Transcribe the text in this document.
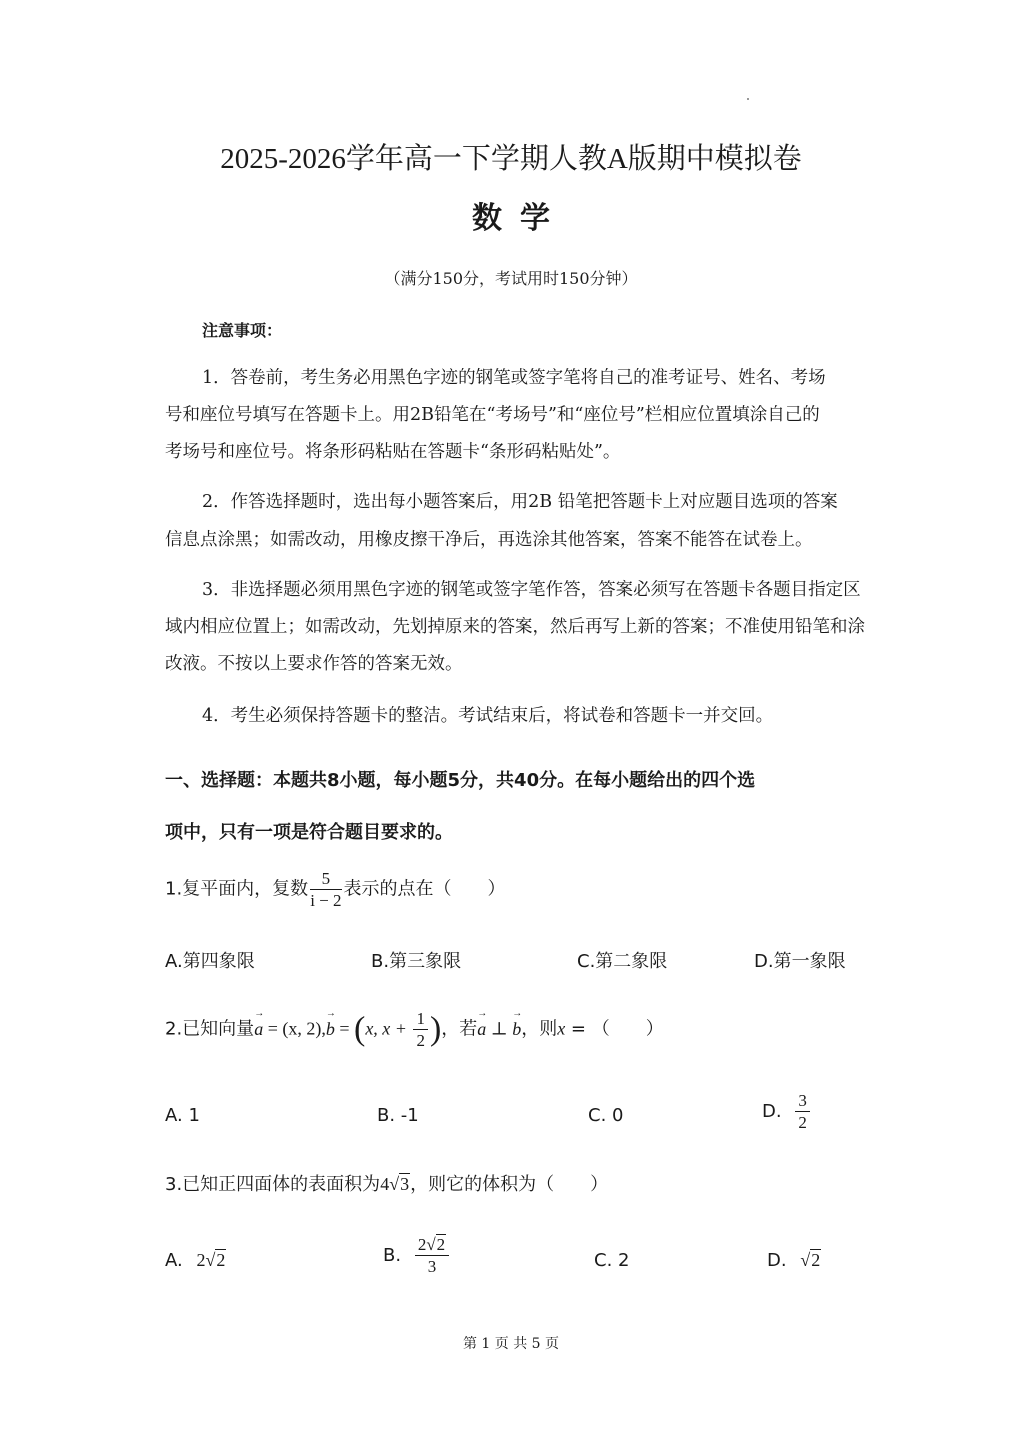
2025-2026学年高一下学期人教A版期中模拟卷
数学
（满分150分，考试用时150分钟）
注意事项：
1．答卷前，考生务必用黑色字迹的钢笔或签字笔将自己的准考证号、姓名、考场
号和座位号填写在答题卡上。用2B铅笔在“考场号”和“座位号”栏相应位置填涂自己的
考场号和座位号。将条形码粘贴在答题卡“条形码粘贴处”。
2．作答选择题时，选出每小题答案后，用2B 铅笔把答题卡上对应题目选项的答案
信息点涂黑；如需改动，用橡皮擦干净后，再选涂其他答案，答案不能答在试卷上。
3．非选择题必须用黑色字迹的钢笔或签字笔作答，答案必须写在答题卡各题目指定区
域内相应位置上；如需改动，先划掉原来的答案，然后再写上新的答案；不准使用铅笔和涂
改液。不按以上要求作答的答案无效。
4．考生必须保持答题卡的整洁。考试结束后，将试卷和答题卡一并交回。
一、选择题：本题共8小题，每小题5分，共40分。在每小题给出的四个选
项中，只有一项是符合题目要求的。
1.复平面内，复数 $\frac{5}{i - 2}$ 表示的点在（　　）
A.第四象限	B.第三象限	C.第二象限	D.第一象限
2.已知向量→ a = (x, 2),→ b = (x, $x + \frac{1}{2}$ )，若→ a ⊥ → b，则x = （　　）
A. 1	B. -1	C. 0	D. $\frac{3}{2}$
3.已知正四面体的表面积为4√3，则它的体积为（　　）
A. 2√2	B. $\frac{2√2}{3}$	C. 2	D. √2
第 1 页 共 5 页
